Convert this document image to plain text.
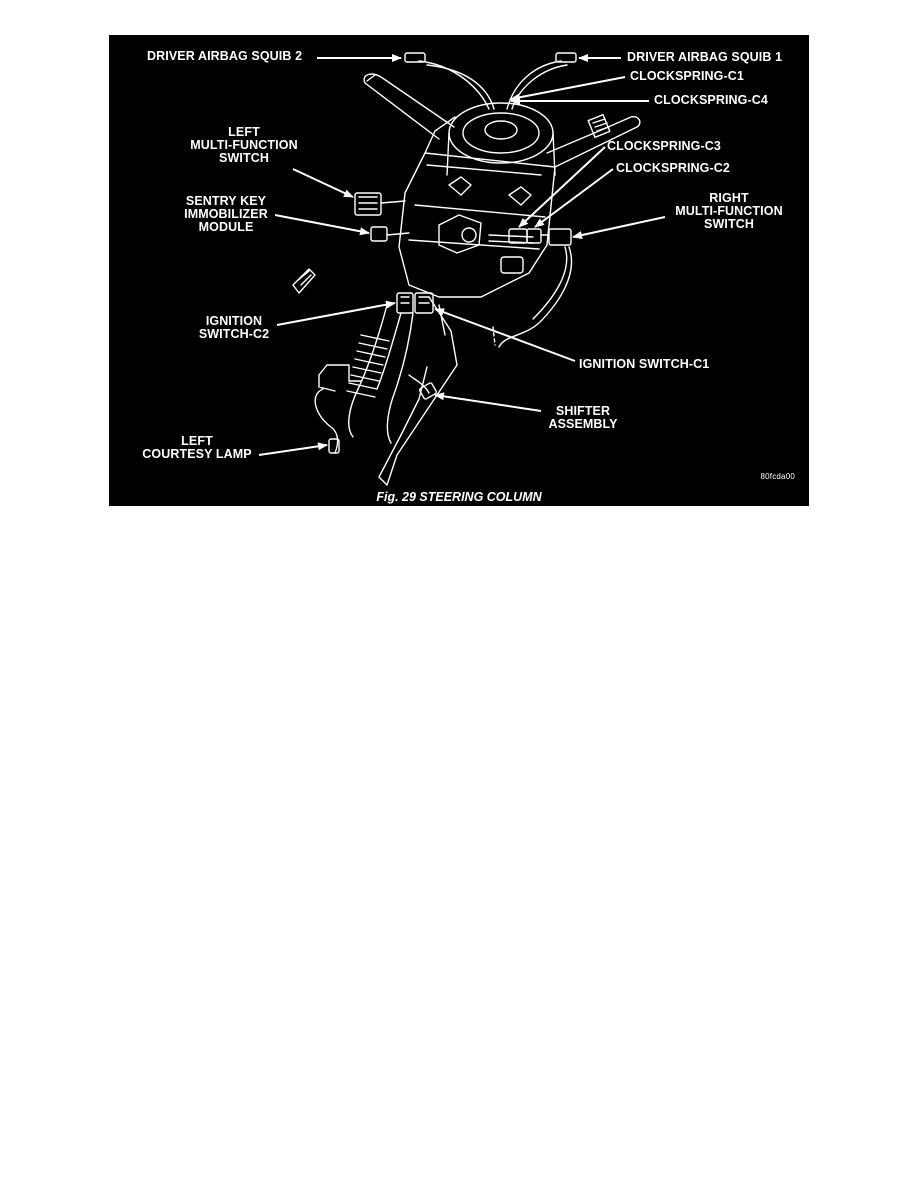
DRIVER AIRBAG SQUIB 2	DRIVER AIRBAG SQUIB 1
CLOCKSPRING-C1
CLOCKSPRING-C4
LEFT
MULTI-FUNCTION
SWITCH
CLOCKSPRING-C3
CLOCKSPRING-C2
SENTRY KEY
IMMOBILIZER
MODULE
RIGHT
MULTI-FUNCTION
SWITCH
IGNITION
SWITCH-C2
IGNITION SWITCH-C1
SHIFTER
ASSEMBLY
LEFT
COURTESY LAMP
80fcda00
Fig. 29 STEERING COLUMN
